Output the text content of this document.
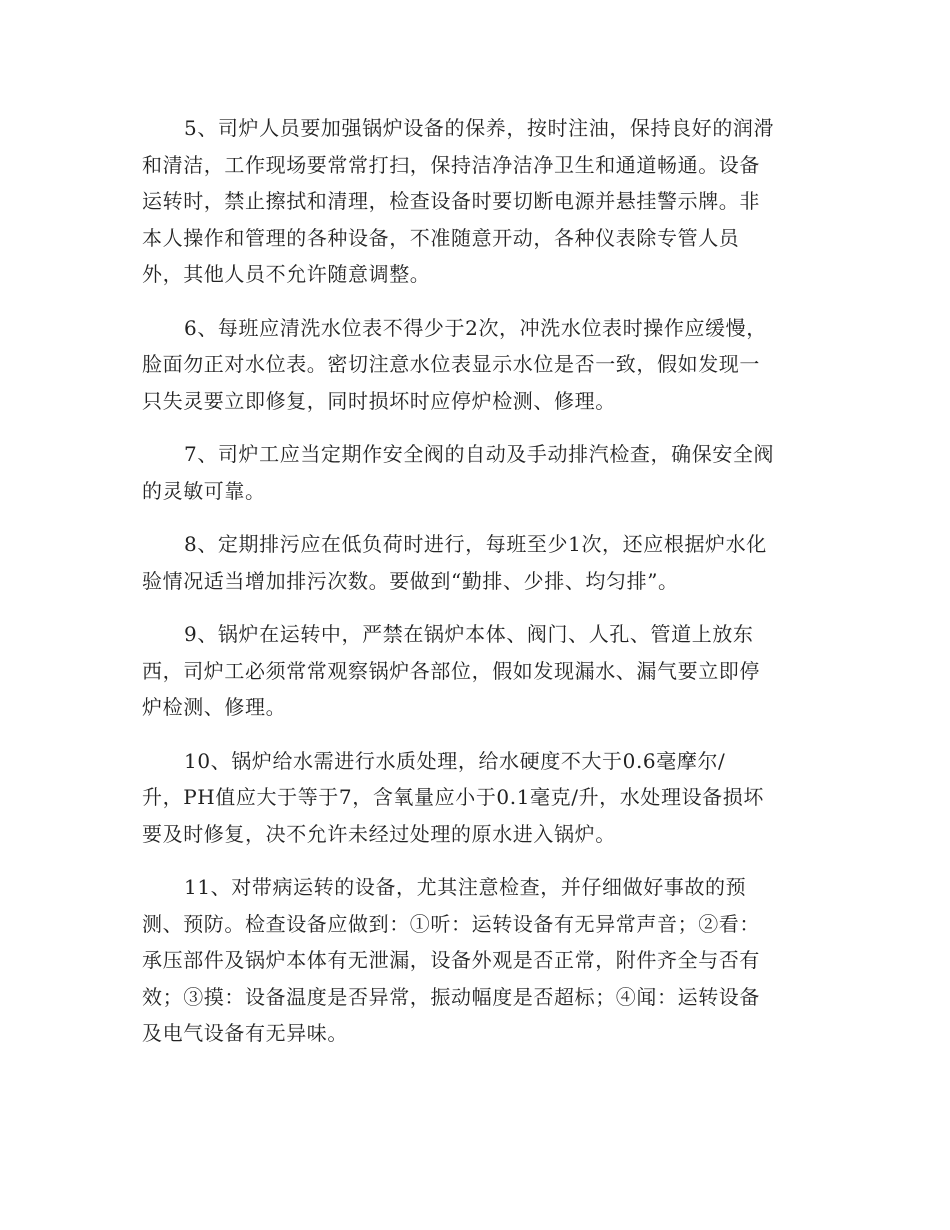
5、司炉人员要加强锅炉设备的保养，按时注油，保持良好的润滑
和清洁，工作现场要常常打扫，保持洁净洁净卫生和通道畅通。设备
运转时，禁止擦拭和清理，检查设备时要切断电源并悬挂警示牌。非
本人操作和管理的各种设备，不准随意开动，各种仪表除专管人员
外，其他人员不允许随意调整。
6、每班应清洗水位表不得少于2次，冲洗水位表时操作应缓慢，
脸面勿正对水位表。密切注意水位表显示水位是否一致，假如发现一
只失灵要立即修复，同时损坏时应停炉检测、修理。
7、司炉工应当定期作安全阀的自动及手动排汽检查，确保安全阀
的灵敏可靠。
8、定期排污应在低负荷时进行，每班至少1次，还应根据炉水化
验情况适当增加排污次数。要做到“勤排、少排、均匀排”。
9、锅炉在运转中，严禁在锅炉本体、阀门、人孔、管道上放东
西，司炉工必须常常观察锅炉各部位，假如发现漏水、漏气要立即停
炉检测、修理。
10、锅炉给水需进行水质处理，给水硬度不大于0.6毫摩尔/
升，PH值应大于等于7，含氧量应小于0.1毫克/升，水处理设备损坏
要及时修复，决不允许未经过处理的原水进入锅炉。
11、对带病运转的设备，尤其注意检查，并仔细做好事故的预
测、预防。检查设备应做到：①听：运转设备有无异常声音；②看：
承压部件及锅炉本体有无泄漏，设备外观是否正常，附件齐全与否有
效；③摸：设备温度是否异常，振动幅度是否超标；④闻：运转设备
及电气设备有无异味。
